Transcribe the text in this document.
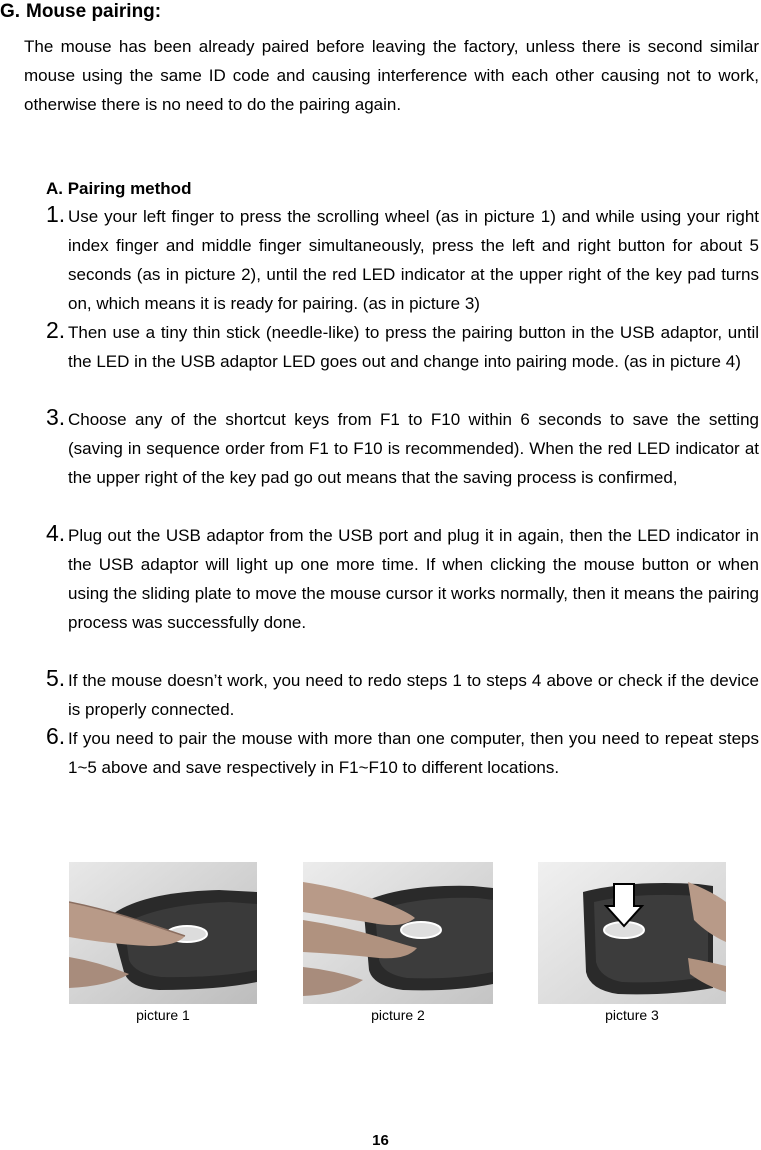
G. Mouse pairing:

The mouse has been already paired before leaving the factory, unless there is second similar mouse using the same ID code and causing interference with each other causing not to work, otherwise there is no need to do the pairing again.

A. Pairing method

1. Use your left finger to press the scrolling wheel (as in picture 1) and while using your right index finger and middle finger simultaneously, press the left and right button for about 5 seconds (as in picture 2), until the red LED indicator at the upper right of the key pad turns on, which means it is ready for pairing. (as in picture 3)
2. Then use a tiny thin stick (needle-like) to press the pairing button in the USB adaptor, until the LED in the USB adaptor LED goes out and change into pairing mode. (as in picture 4)
3. Choose any of the shortcut keys from F1 to F10 within 6 seconds to save the setting (saving in sequence order from F1 to F10 is recommended). When the red LED indicator at the upper right of the key pad go out means that the saving process is confirmed,
4. Plug out the USB adaptor from the USB port and plug it in again, then the LED indicator in the USB adaptor will light up one more time. If when clicking the mouse button or when using the sliding plate to move the mouse cursor it works normally, then it means the pairing process was successfully done.
5. If the mouse doesn’t work, you need to redo steps 1 to steps 4 above or check if the device is properly connected.
6. If you need to pair the mouse with more than one computer, then you need to repeat steps 1~5 above and save respectively in F1~F10 to different locations.
picture 1	picture 2	picture 3
16
